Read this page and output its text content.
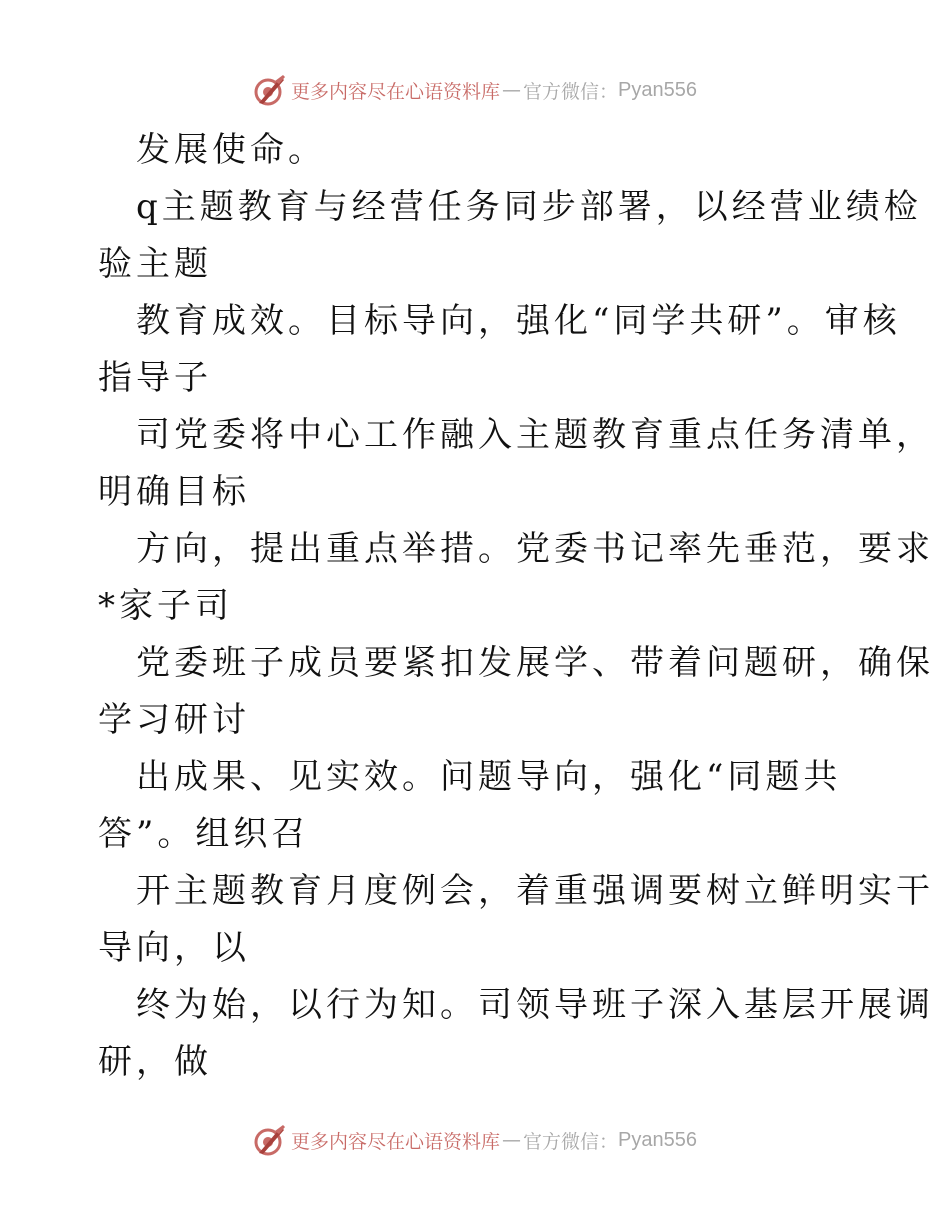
更多内容尽在心语资料库 — 官方微信： Pyan556
发展使命。
q主题教育与经营任务同步部署，以经营业绩检
验主题
教育成效。目标导向，强化“同学共研”。审核
指导子
司党委将中心工作融入主题教育重点任务清单，
明确目标
方向，提出重点举措。党委书记率先垂范，要求
*家子司
党委班子成员要紧扣发展学、带着问题研，确保
学习研讨
出成果、见实效。问题导向，强化“同题共
答”。组织召
开主题教育月度例会，着重强调要树立鲜明实干
导向，以
终为始，以行为知。司领导班子深入基层开展调
研，做
更多内容尽在心语资料库 — 官方微信： Pyan556
